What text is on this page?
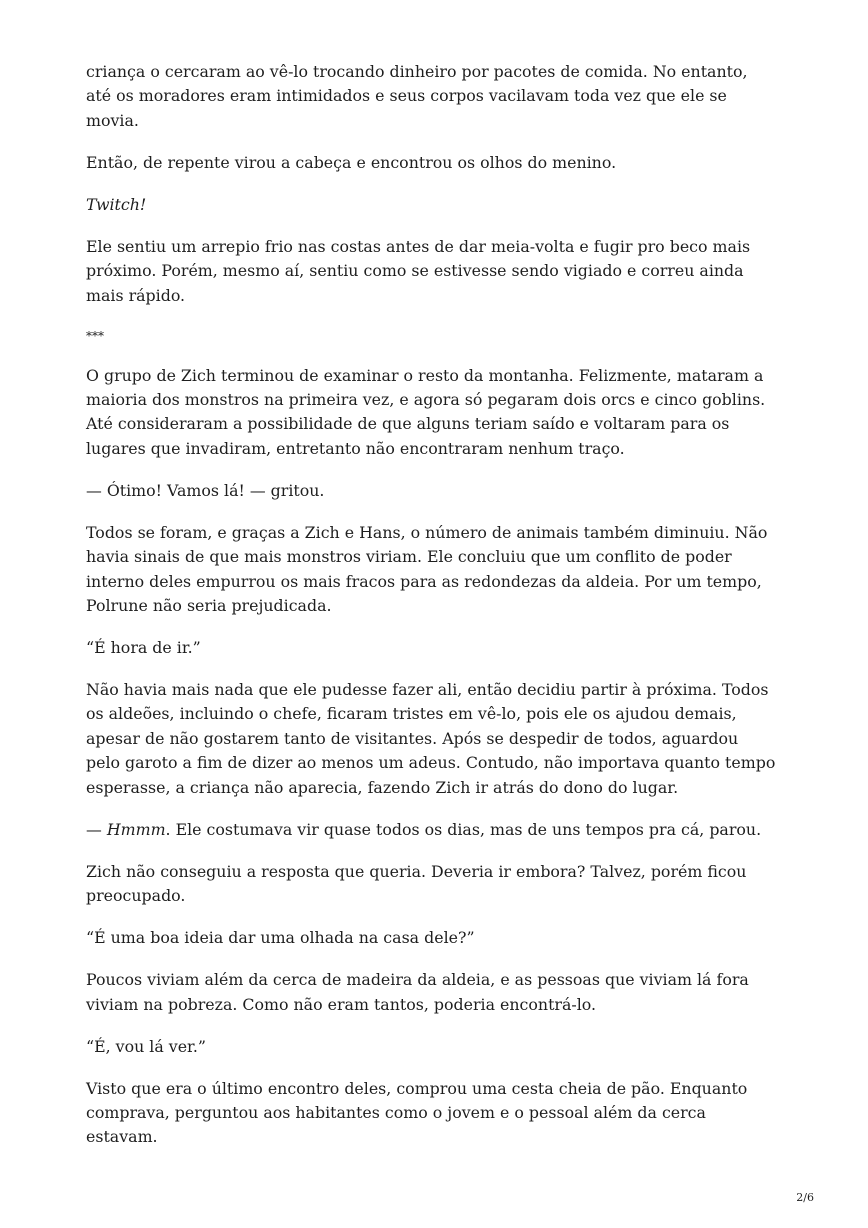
criança o cercaram ao vê-lo trocando dinheiro por pacotes de comida. No entanto, até os moradores eram intimidados e seus corpos vacilavam toda vez que ele se movia.

Então, de repente virou a cabeça e encontrou os olhos do menino.

Twitch!

Ele sentiu um arrepio frio nas costas antes de dar meia-volta e fugir pro beco mais próximo. Porém, mesmo aí, sentiu como se estivesse sendo vigiado e correu ainda mais rápido.

***

O grupo de Zich terminou de examinar o resto da montanha. Felizmente, mataram a maioria dos monstros na primeira vez, e agora só pegaram dois orcs e cinco goblins. Até consideraram a possibilidade de que alguns teriam saído e voltaram para os lugares que invadiram, entretanto não encontraram nenhum traço.

— Ótimo! Vamos lá! — gritou.

Todos se foram, e graças a Zich e Hans, o número de animais também diminuiu. Não havia sinais de que mais monstros viriam. Ele concluiu que um conflito de poder interno deles empurrou os mais fracos para as redondezas da aldeia. Por um tempo, Polrune não seria prejudicada.

“É hora de ir.”

Não havia mais nada que ele pudesse fazer ali, então decidiu partir à próxima. Todos os aldeões, incluindo o chefe, ficaram tristes em vê-lo, pois ele os ajudou demais, apesar de não gostarem tanto de visitantes. Após se despedir de todos, aguardou pelo garoto a fim de dizer ao menos um adeus. Contudo, não importava quanto tempo esperasse, a criança não aparecia, fazendo Zich ir atrás do dono do lugar.

— Hmmm. Ele costumava vir quase todos os dias, mas de uns tempos pra cá, parou.

Zich não conseguiu a resposta que queria. Deveria ir embora? Talvez, porém ficou preocupado.

“É uma boa ideia dar uma olhada na casa dele?”

Poucos viviam além da cerca de madeira da aldeia, e as pessoas que viviam lá fora viviam na pobreza. Como não eram tantos, poderia encontrá-lo.

“É, vou lá ver.”

Visto que era o último encontro deles, comprou uma cesta cheia de pão. Enquanto comprava, perguntou aos habitantes como o jovem e o pessoal além da cerca estavam.

2/6
